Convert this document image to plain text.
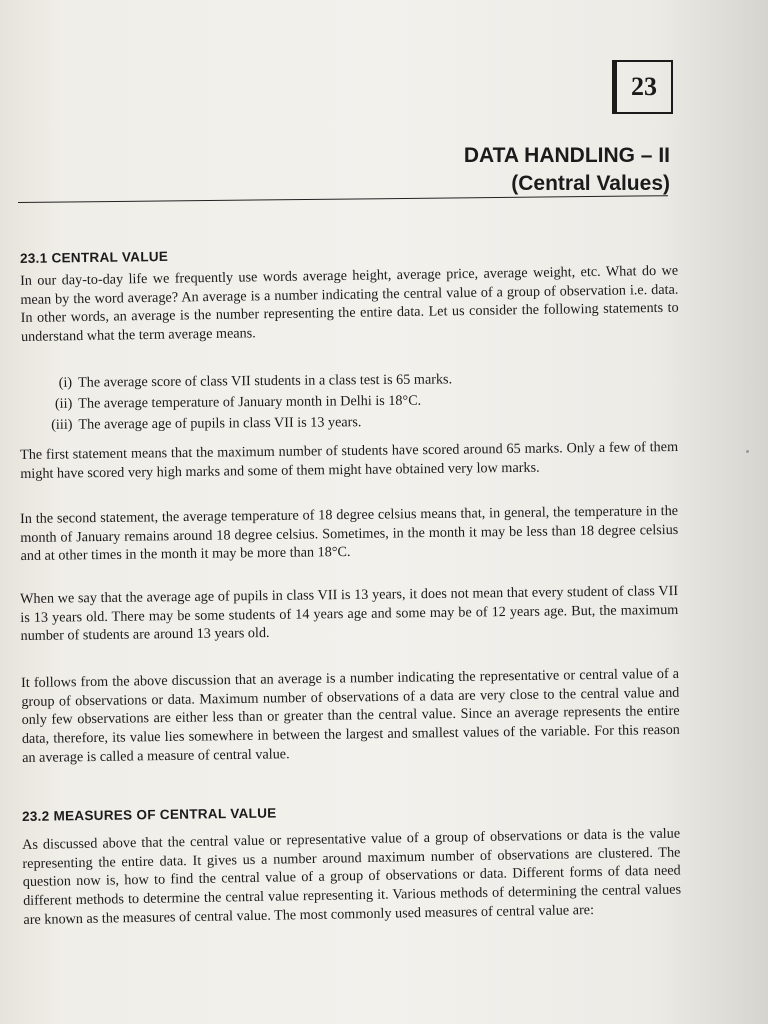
23
DATA HANDLING – II
(Central Values)
23.1 CENTRAL VALUE

In our day-to-day life we frequently use words average height, average price, average weight, etc. What do we mean by the word average? An average is a number indicating the central value of a group of observation i.e. data. In other words, an average is the number representing the entire data. Let us consider the following statements to understand what the term average means.

(i) The average score of class VII students in a class test is 65 marks.
(ii) The average temperature of January month in Delhi is 18°C.
(iii) The average age of pupils in class VII is 13 years.

The first statement means that the maximum number of students have scored around 65 marks. Only a few of them might have scored very high marks and some of them might have obtained very low marks.

In the second statement, the average temperature of 18 degree celsius means that, in general, the temperature in the month of January remains around 18 degree celsius. Sometimes, in the month it may be less than 18 degree celsius and at other times in the month it may be more than 18°C.

When we say that the average age of pupils in class VII is 13 years, it does not mean that every student of class VII is 13 years old. There may be some students of 14 years age and some may be of 12 years age. But, the maximum number of students are around 13 years old.

It follows from the above discussion that an average is a number indicating the representative or central value of a group of observations or data. Maximum number of observations of a data are very close to the central value and only few observations are either less than or greater than the central value. Since an average represents the entire data, therefore, its value lies somewhere in between the largest and smallest values of the variable. For this reason an average is called a measure of central value.

23.2 MEASURES OF CENTRAL VALUE

As discussed above that the central value or representative value of a group of observations or data is the value representing the entire data. It gives us a number around maximum number of observations are clustered. The question now is, how to find the central value of a group of observations or data. Different forms of data need different methods to determine the central value representing it. Various methods of determining the central values are known as the measures of central value. The most commonly used measures of central value are:
